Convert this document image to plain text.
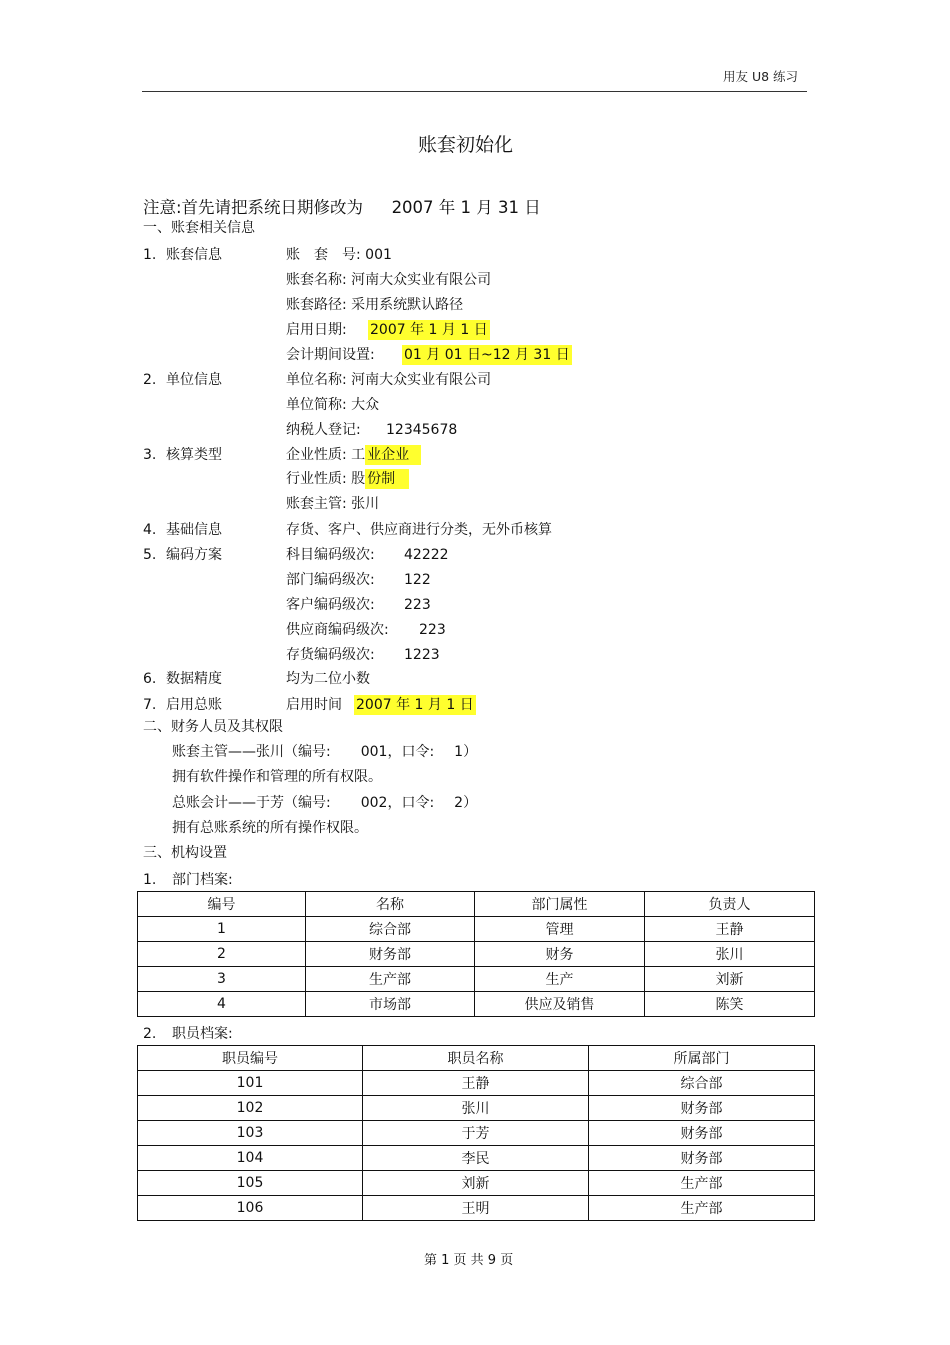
用友 U8 练习
账套初始化
注意:首先请把系统日期修改为 2007 年 1 月 31 日
一、账套相关信息
1. 账套信息	账　套　号: 001
账套名称: 河南大众实业有限公司
账套路径: 采用系统默认路径
启用日期: 2007 年 1 月 1 日
会计期间设置: 01 月 01 日~12 月 31 日
2. 单位信息	单位名称: 河南大众实业有限公司
单位简称: 大众
纳税人登记: 12345678
3. 核算类型	企业性质: 工 业企业
行业性质: 股 份制
账套主管: 张川
4. 基础信息	存货、客户、供应商进行分类，无外币核算
5. 编码方案	科目编码级次: 42222
部门编码级次: 122
客户编码级次: 223
供应商编码级次: 223
存货编码级次: 1223
6. 数据精度	均为二位小数
7. 启用总账	启用时间 2007 年 1 月 1 日
二、财务人员及其权限
账套主管——张川（编号: 001，口令: 1）
拥有软件操作和管理的所有权限。
总账会计——于芳（编号: 002，口令: 2）
拥有总账系统的所有操作权限。
三、机构设置
1. 部门档案:
编号	名称	部门属性	负责人
1	综合部	管理	王静
2	财务部	财务	张川
3	生产部	生产	刘新
4	市场部	供应及销售	陈笑
2. 职员档案:
职员编号	职员名称	所属部门
101	王静	综合部
102	张川	财务部
103	于芳	财务部
104	李民	财务部
105	刘新	生产部
106	王明	生产部
第 1 页 共 9 页
